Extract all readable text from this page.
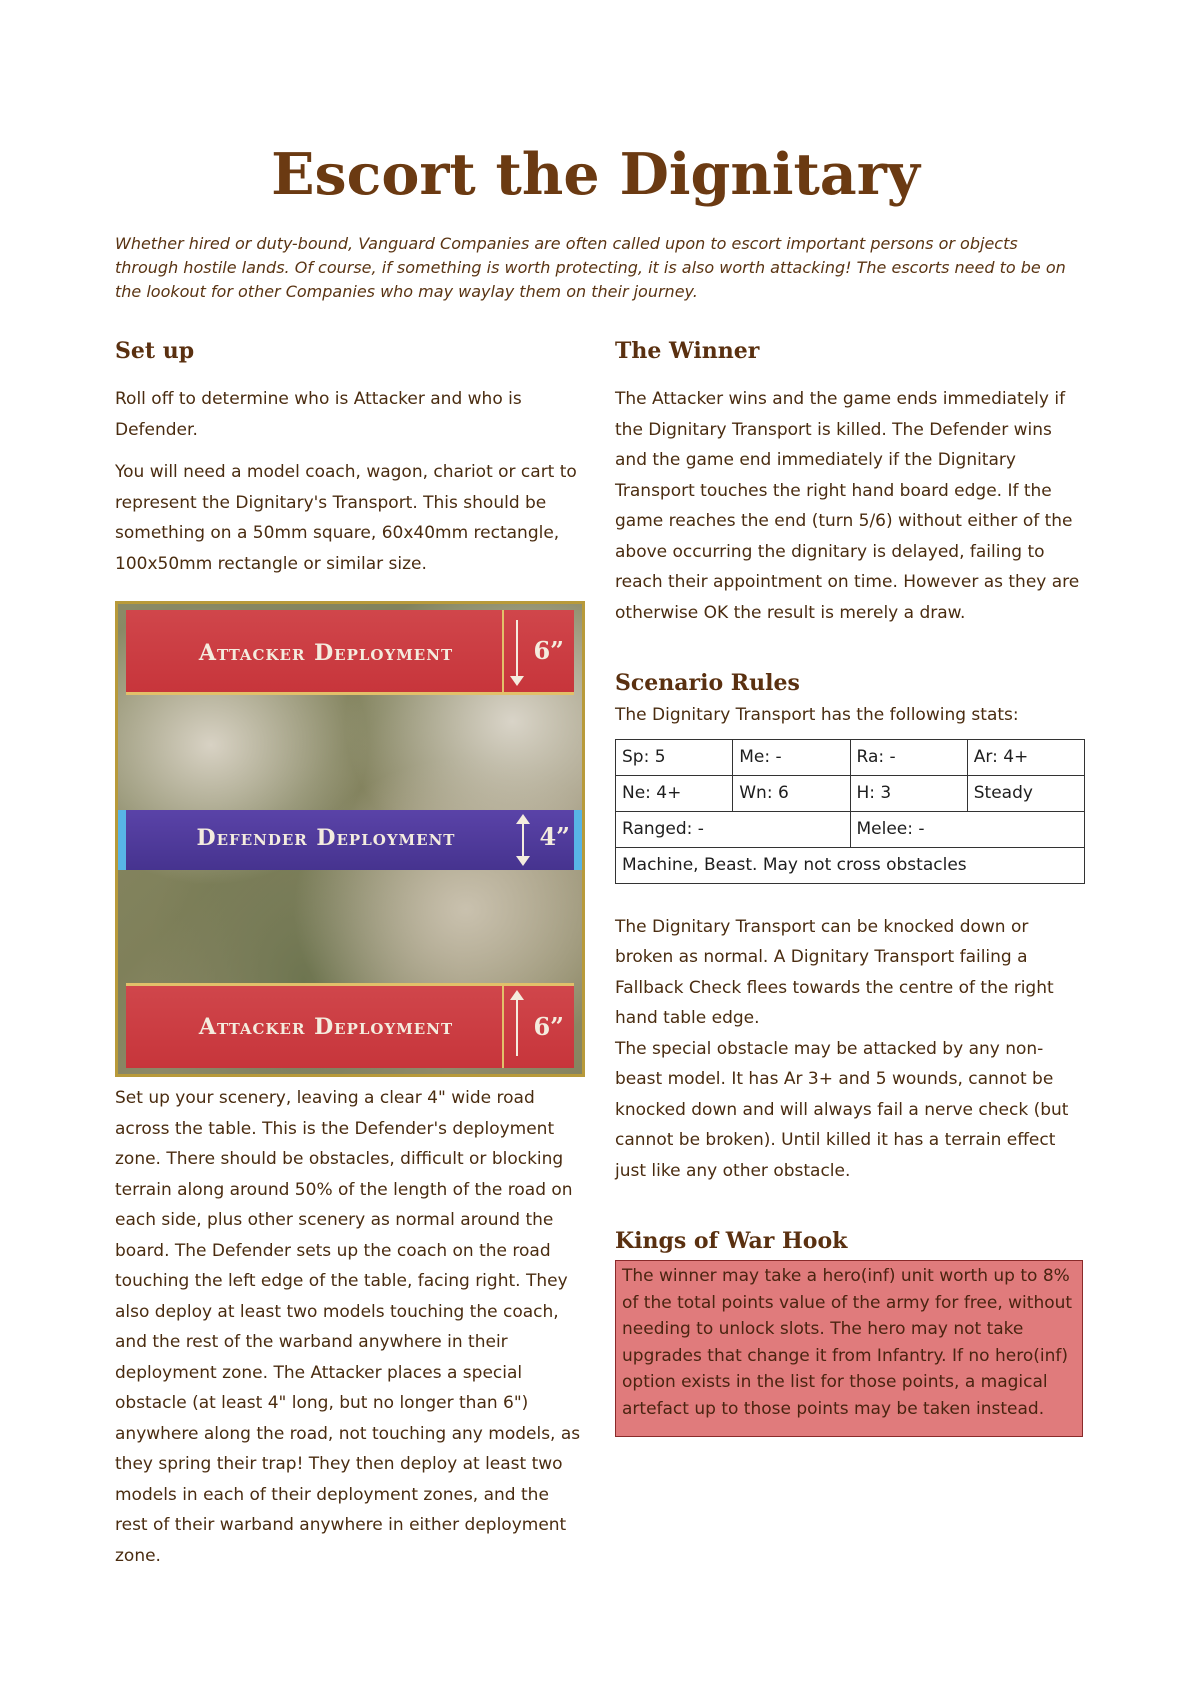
Escort the Dignitary

Whether hired or duty-bound, Vanguard Companies are often called upon to escort important persons or objects through hostile lands. Of course, if something is worth protecting, it is also worth attacking! The escorts need to be on the lookout for other Companies who may waylay them on their journey.

Set up

Roll off to determine who is Attacker and who is Defender.

You will need a model coach, wagon, chariot or cart to represent the Dignitary's Transport. This should be something on a 50mm square, 60x40mm rectangle, 100x50mm rectangle or similar size.

Attacker Deployment	6”
Defender Deployment	4”
Attacker Deployment	6”

Set up your scenery, leaving a clear 4" wide road across the table. This is the Defender's deployment zone. There should be obstacles, difficult or blocking terrain along around 50% of the length of the road on each side, plus other scenery as normal around the board. The Defender sets up the coach on the road touching the left edge of the table, facing right. They also deploy at least two models touching the coach, and the rest of the warband anywhere in their deployment zone. The Attacker places a special obstacle (at least 4" long, but no longer than 6") anywhere along the road, not touching any models, as they spring their trap! They then deploy at least two models in each of their deployment zones, and the rest of their warband anywhere in either deployment zone.

The Winner

The Attacker wins and the game ends immediately if the Dignitary Transport is killed. The Defender wins and the game end immediately if the Dignitary Transport touches the right hand board edge. If the game reaches the end (turn 5/6) without either of the above occurring the dignitary is delayed, failing to reach their appointment on time. However as they are otherwise OK the result is merely a draw.

Scenario Rules

The Dignitary Transport has the following stats:

Sp: 5	Me: -	Ra: -	Ar: 4+
Ne: 4+	Wn: 6	H: 3	Steady
Ranged: -		Melee: -	
Machine, Beast. May not cross obstacles			

The Dignitary Transport can be knocked down or broken as normal. A Dignitary Transport failing a Fallback Check flees towards the centre of the right hand table edge.

The special obstacle may be attacked by any non-beast model. It has Ar 3+ and 5 wounds, cannot be knocked down and will always fail a nerve check (but cannot be broken). Until killed it has a terrain effect just like any other obstacle.

Kings of War Hook
The winner may take a hero(inf) unit worth up to 8% of the total points value of the army for free, without needing to unlock slots. The hero may not take upgrades that change it from Infantry. If no hero(inf) option exists in the list for those points, a magical artefact up to those points may be taken instead.
